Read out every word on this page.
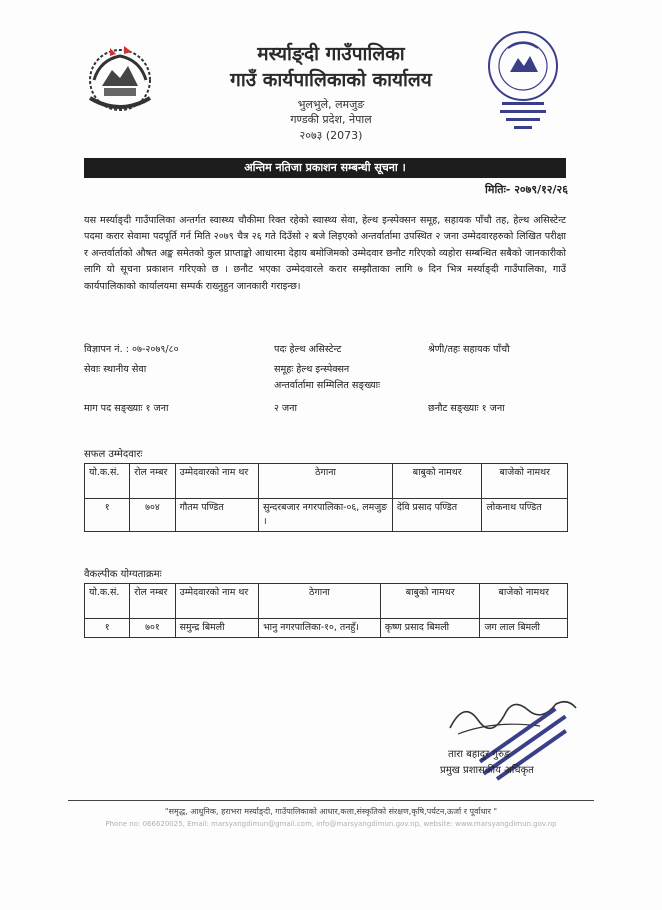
मर्स्याङ्दी गाउँपालिका
गाउँ कार्यपालिकाको कार्यालय
भुलभुले, लमजुङ
गण्डकी प्रदेश, नेपाल
२०७३ (2073)
अन्तिम नतिजा प्रकाशन सम्बन्धी सूचना ।
मितिः- २०७९/१२/२६
यस मर्स्याङ्दी गाउँपालिका अन्तर्गत स्वास्थ्य चौकीमा रिक्त रहेको स्वास्थ्य सेवा, हेल्थ इन्स्पेक्सन समूह, सहायक पाँचौ तह, हेल्थ असिस्टेन्ट पदमा करार सेवामा पदपूर्ति गर्न मिति २०७९ चैत्र २६ गते दिउँसो २ बजे लिइएको अन्तर्वार्तामा उपस्थित २ जना उम्मेदवारहरुको लिखित परीक्षा र अन्तर्वार्ताको औषत अङ्क समेतको कुल प्राप्ताङ्को आधारमा देहाय बमोजिमको उम्मेदवार छनौट गरिएको व्यहोरा सम्बन्धित सबैको जानकारीको लागि यो सूचना प्रकाशन गरिएको छ । छनौट भएका उम्मेदवारले करार सम्झौताका लागि ७ दिन भित्र मर्स्याङ्दी गाउँपालिका, गाउँ कार्यपालिकाको कार्यालयमा सम्पर्क राख्नुहुन जानकारी गराइन्छ।
विज्ञापन नं. : ०७-२०७९/८०	पदः हेल्थ असिस्टेन्ट	श्रेणी/तहः सहायक पाँचौ
सेवाः स्थानीय सेवा	समूहः हेल्थ इन्स्पेक्सन
अन्तर्वार्तामा सम्मिलित सङ्ख्याः
माग पद सङ्ख्याः १ जना	२ जना	छनौट सङ्ख्याः १ जना
सफल उम्मेदवारः
यो.क.सं.	रोल नम्बर	उम्मेदवारको नाम थर	ठेगाना	बाबुको नामथर	बाजेको नामथर
१	७०४	गौतम पण्डित	सुन्दरबजार नगरपालिका-०६, लमजुङ ।	देवि प्रसाद पण्डित	लोकनाथ पण्डित
वैकल्पीक योग्यताक्रमः
यो.क.सं.	रोल नम्बर	उम्मेदवारको नाम थर	ठेगाना	बाबुको नामथर	बाजेको नामथर
१	७०१	समुन्द्र बिमली	भानु नगरपालिका-१०, तनहुँ।	कृष्ण प्रसाद बिमली	जग लाल बिमली
तारा बहादुर गुरुङ
प्रमुख प्रशासकीय अधिकृत
"समृद्ध, आधुनिक, हराभरा मर्स्याङ्दी, गाउँपालिकाको आधार,कला,संस्कृतिको संरक्षण,कृषि,पर्यटन,ऊर्जा र पूर्वाधार "
Phone no: 066620025, Email: marsyangdimun@gmail.com, info@marsyangdimun.gov.np, website: www.marsyangdimun.gov.np
